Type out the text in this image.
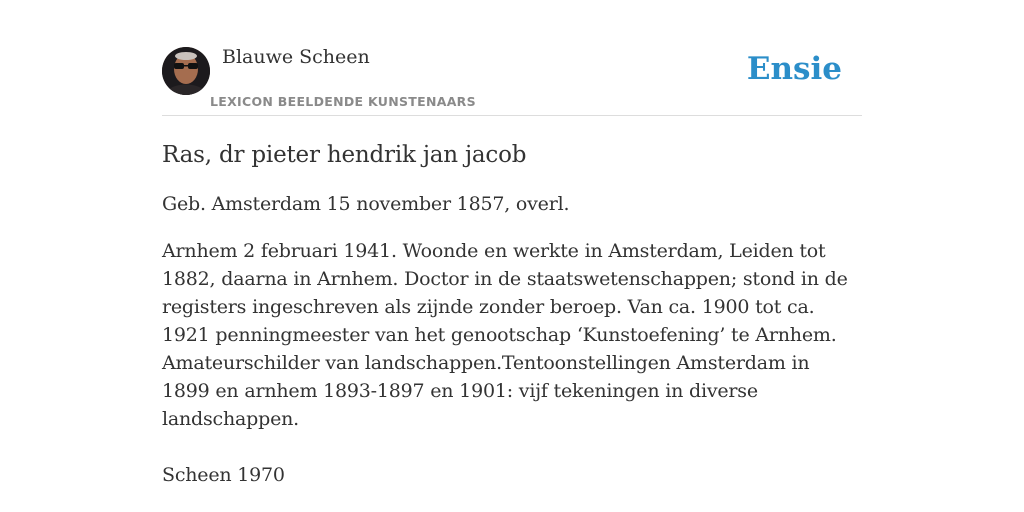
Blauwe Scheen
LEXICON BEELDENDE KUNSTENAARS
Ensie
Ras, dr pieter hendrik jan jacob

Geb. Amsterdam 15 november 1857, overl.

Arnhem 2 februari 1941. Woonde en werkte in Amsterdam, Leiden tot 1882, daarna in Arnhem. Doctor in de staatswetenschappen; stond in de registers ingeschreven als zijnde zonder beroep. Van ca. 1900 tot ca. 1921 penningmeester van het genootschap ‘Kunstoefening’ te Arnhem. Amateurschilder van landschappen.Tentoonstellingen Amsterdam in 1899 en arnhem 1893-1897 en 1901: vijf tekeningen in diverse landschappen.

Scheen 1970
